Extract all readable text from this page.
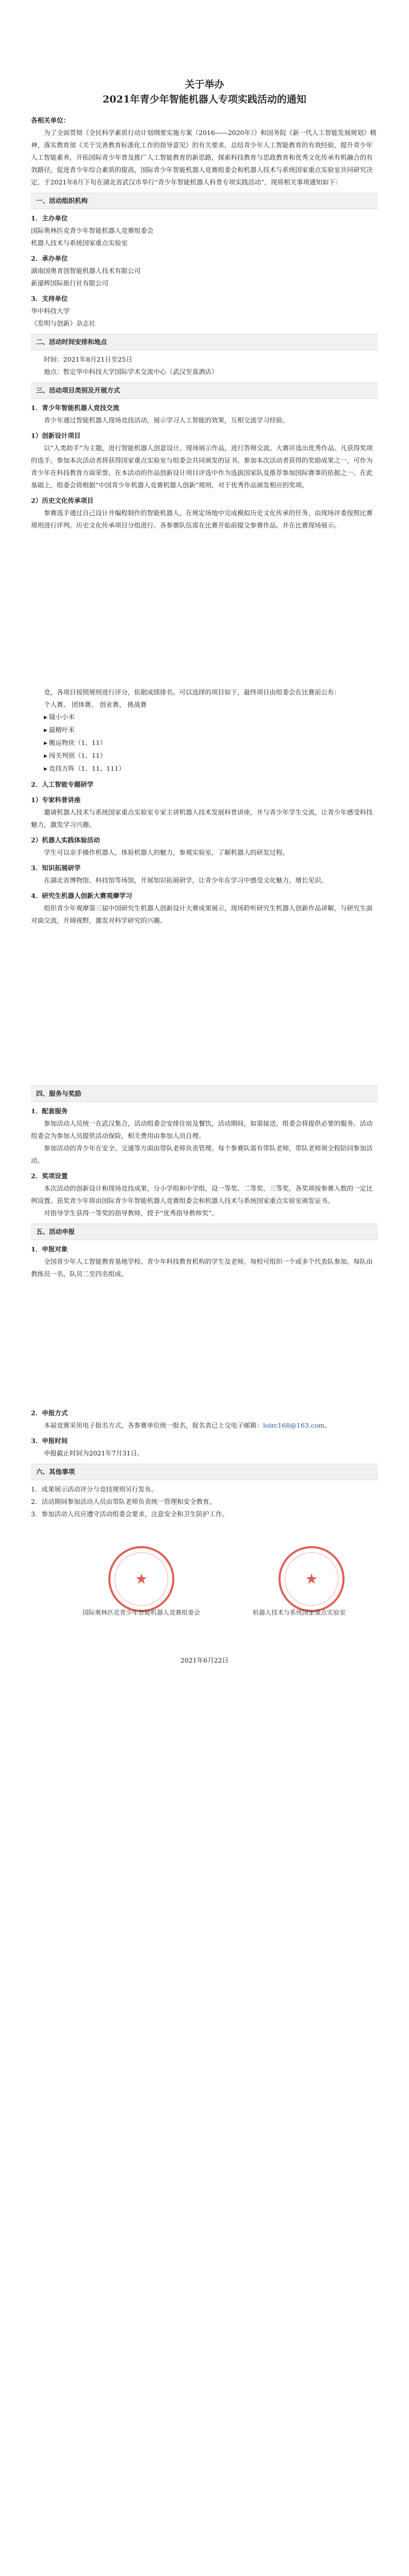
关于举办
2021年青少年智能机器人专项实践活动的通知
各相关单位：

为了全面贯彻《全民科学素质行动计划纲要实施方案（2016——2020年）》和国务院《新一代人工智能发展规划》精神，落实教育部《关于完善教育标准化工作的指导意见》的有关要求，总结青少年人工智能教育的有效经验，提升青少年人工智能素养，开拓国际青少年普及推广人工智能教育的新思路，探索科技教育与思政教育和优秀文化传承有机融合的有效路径，促进青少年综合素质的提高，国际青少年智能机器人竞赛组委会和机器人技术与系统国家重点实验室共同研究决定，于2021年8月下旬在湖北省武汉市举行“青少年智能机器人科普专项实践活动”，现将相关事项通知如下：

一、活动组织机构
1．主办单位
国际奥林匹克青少年智能机器人竞赛组委会
机器人技术与系统国家重点实验室
2．承办单位
湖南国奥青创智能机器人技术有限公司
新濠辉国际旅行社有限公司
3．支持单位
华中科技大学
《发明与创新》杂志社
二、活动时间安排和地点

时间：2021年8月21日至25日

地点：暂定华中科技大学国际学术交流中心（武汉至喜酒店）

三、活动项目类别及开展方式
1．青少年智能机器人竞技交流

青少年通过智能机器人现场竞技活动，展示学习人工智能的效果，互相交流学习经验。

1）创新设计项目

以“人类助手”为主题，进行智能机器人创意设计。现场展示作品，进行答辩交流。大赛评选出优秀作品。凡获得奖项的选手，参加本次活动者将获得国家重点实验室与组委会共同颁发的证书。参加本次活动者获得的奖励成果之一，可作为青少年在科技教育方面荣誉。在本活动的作品创新设计项目评选中作为选拔国家队及推荐参加国际赛事的依据之一。在此基础上，组委会将根据“中国青少年机器人竞赛机器人创新”规则，对于优秀作品颁发相应的奖项。

2）历史文化传承项目

参赛选手通过自己设计并编程制作的智能机器人，在规定场地中完成模拟历史文化传承的任务，由现场评委按照比赛规则进行评判。历史文化传承项目分组进行。各参赛队伍需在比赛开始前提交参赛作品，并在比赛现场展示。

竞，各项目按照规则进行评分，依据成绩排名。可以选择的项目如下，最终项目由组委会在比赛前公布：

个人赛、 团体赛、 创业赛、 挑战赛
▶ 镜小小米
▶ 最精叶米
▶ 搬运物块（1、11）
▶ 闯关判别（1、11）
▶ 竞技方阵（1、11、111）
2．人工智能专题研学
1）专家科普讲座

邀请机器人技术与系统国家重点实验室专家主讲机器人技术发展科普讲座，并与青少年学生交流，让青少年感受科技魅力，激发学习兴趣。

2）机器人实践体验活动

学生可以亲手操作机器人，体验机器人的魅力，参观实验室，了解机器人的研发过程。

3．知识拓展研学

在湖北省博物馆、科技馆等场馆，开展知识拓展研学，让青少年在学习中感受文化魅力，增长见识。

4．研究生机器人创新大赛观摩学习

组织青少年观摩第三届中国研究生机器人创新设计大赛成果展示，现场聆听研究生机器人创新作品讲解，与研究生面对面交流，开阔视野，激发对科学研究的兴趣。

四、服务与奖励
1．配套服务

参加活动人员统一在武汉集合，活动组委会安排住宿及餐饮，活动期间，如需接送，组委会将提供必要的服务。活动组委会为参加人员提供活动保险，相关费用由参加人员自理。

参加活动的青少年在安全、交通等方面由带队老师负责管理。每个参赛队需有带队老师，带队老师须全程陪同参加活动。

2．奖项设置

本次活动的创新设计和现场竞技成果，分小学组和中学组，设一等奖、二等奖、三等奖，各奖项按参赛人数的一定比例设置。获奖青少年将由国际青少年智能机器人竞赛组委会和机器人技术与系统国家重点实验室颁发证书。

对指导学生获得一等奖的指导教师，授予“优秀指导教师奖”。

五、活动申报
1．申报对象

全国青少年人工智能教育基地学校、青少年科技教育机构的学生及老师，每校可组织一个或多个代表队参加。每队由教练员一名，队员二至四名组成。

2．申报方式

本届竞赛采用电子报名方式，各参赛单位统一报名，报名表已上交电子邮箱：loirc168@163.com。

3．申报时间

申报截止时间为2021年7月31日。

六、其他事项
1．成果展示活动评分与竞技规则另行发布。
2．活动期间参加活动人员由带队老师负责统一管理和安全教育。
3．参加活动人员应遵守活动组委会要求，注意安全和卫生防护工作。
★	★
国际奥林匹克青少年智能机器人竞赛组委会	机器人技术与系统国家重点实验室
2021年6月22日
